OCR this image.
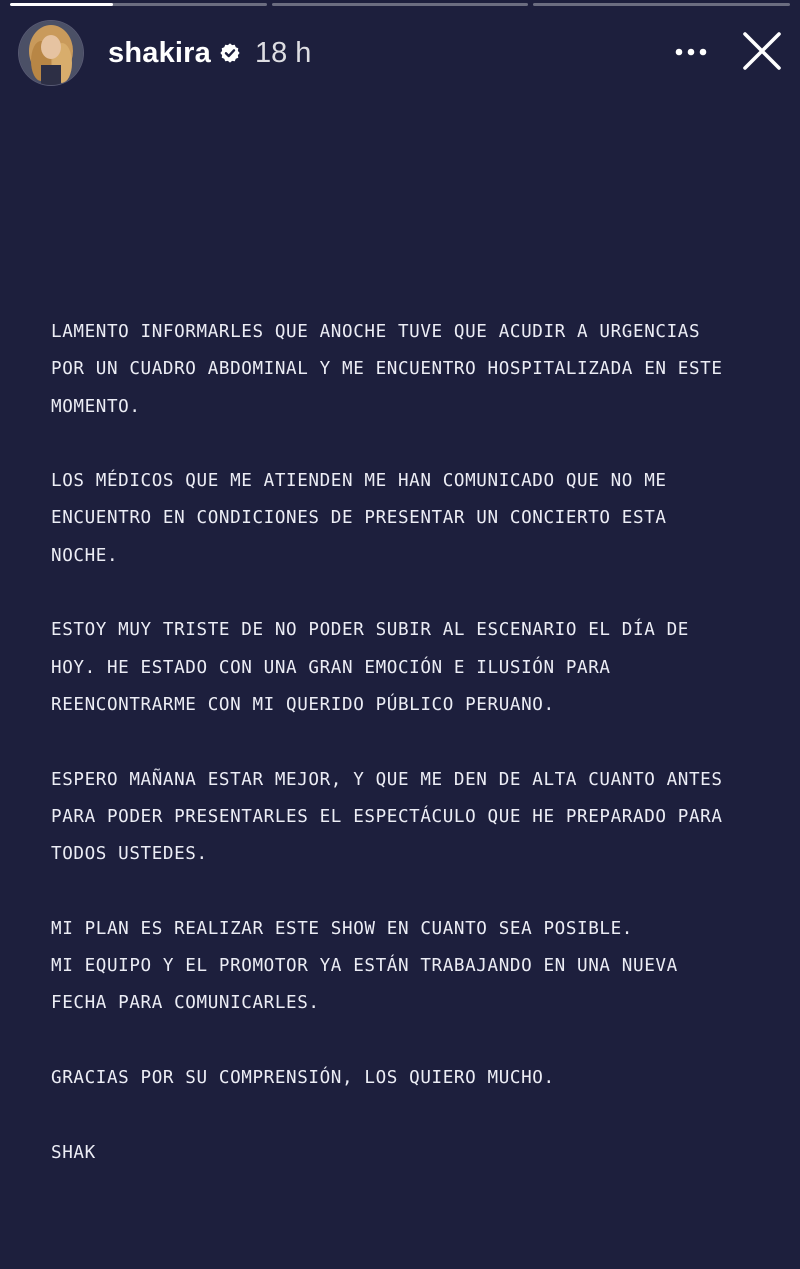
shakira 18 h

LAMENTO INFORMARLES QUE ANOCHE TUVE QUE ACUDIR A URGENCIAS
POR UN CUADRO ABDOMINAL Y ME ENCUENTRO HOSPITALIZADA EN ESTE
MOMENTO.

LOS MÉDICOS QUE ME ATIENDEN ME HAN COMUNICADO QUE NO ME
ENCUENTRO EN CONDICIONES DE PRESENTAR UN CONCIERTO ESTA
NOCHE.

ESTOY MUY TRISTE DE NO PODER SUBIR AL ESCENARIO EL DÍA DE
HOY. HE ESTADO CON UNA GRAN EMOCIÓN E ILUSIÓN PARA
REENCONTRARME CON MI QUERIDO PÚBLICO PERUANO.

ESPERO MAÑANA ESTAR MEJOR, Y QUE ME DEN DE ALTA CUANTO ANTES
PARA PODER PRESENTARLES EL ESPECTÁCULO QUE HE PREPARADO PARA
TODOS USTEDES.

MI PLAN ES REALIZAR ESTE SHOW EN CUANTO SEA POSIBLE.
MI EQUIPO Y EL PROMOTOR YA ESTÁN TRABAJANDO EN UNA NUEVA
FECHA PARA COMUNICARLES.

GRACIAS POR SU COMPRENSIÓN, LOS QUIERO MUCHO.

SHAK
